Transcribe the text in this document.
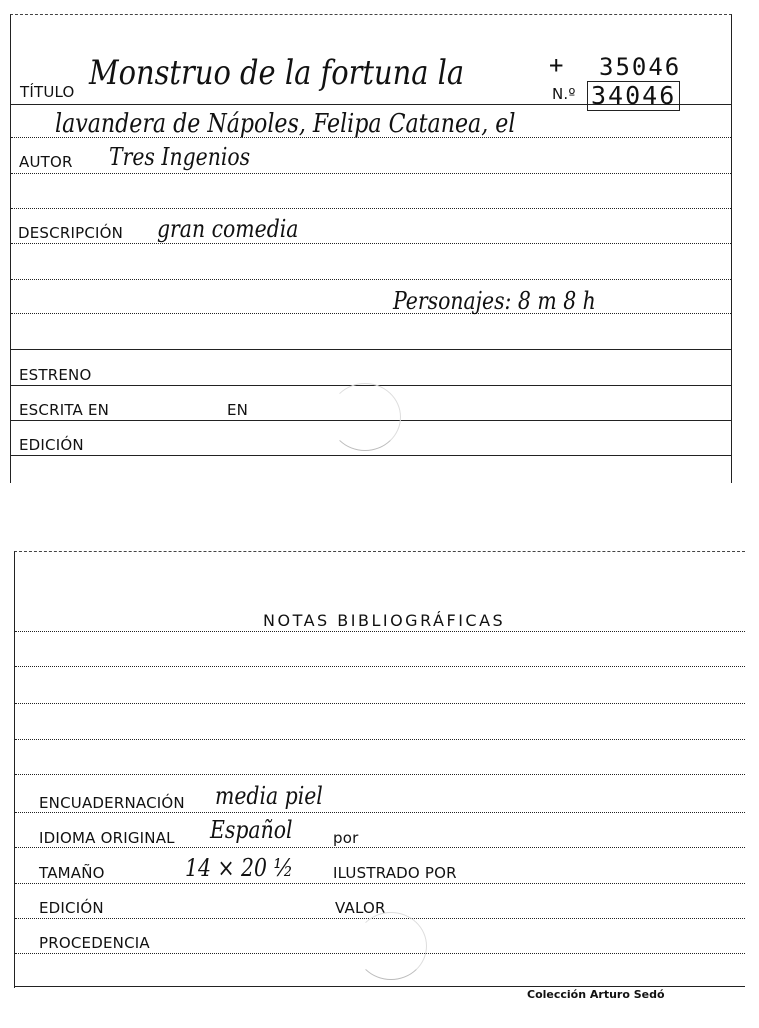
TÍTULO Monstruo de la fortuna la
N.º
+ 35046
34046
lavandera de Nápoles, Felipa Catanea, el
AUTOR Tres Ingenios
DESCRIPCIÓN gran comedia
Personajes: 8 m 8 h
ESTRENO
ESCRITA EN	EN
EDICIÓN
NOTAS BIBLIOGRÁFICAS
ENCUADERNACIÓN media piel
IDIOMA ORIGINAL Español	por
TAMAÑO	14 × 20 ½	ILUSTRADO POR
EDICIÓN	VALOR
PROCEDENCIA
Colección Arturo Sedó
